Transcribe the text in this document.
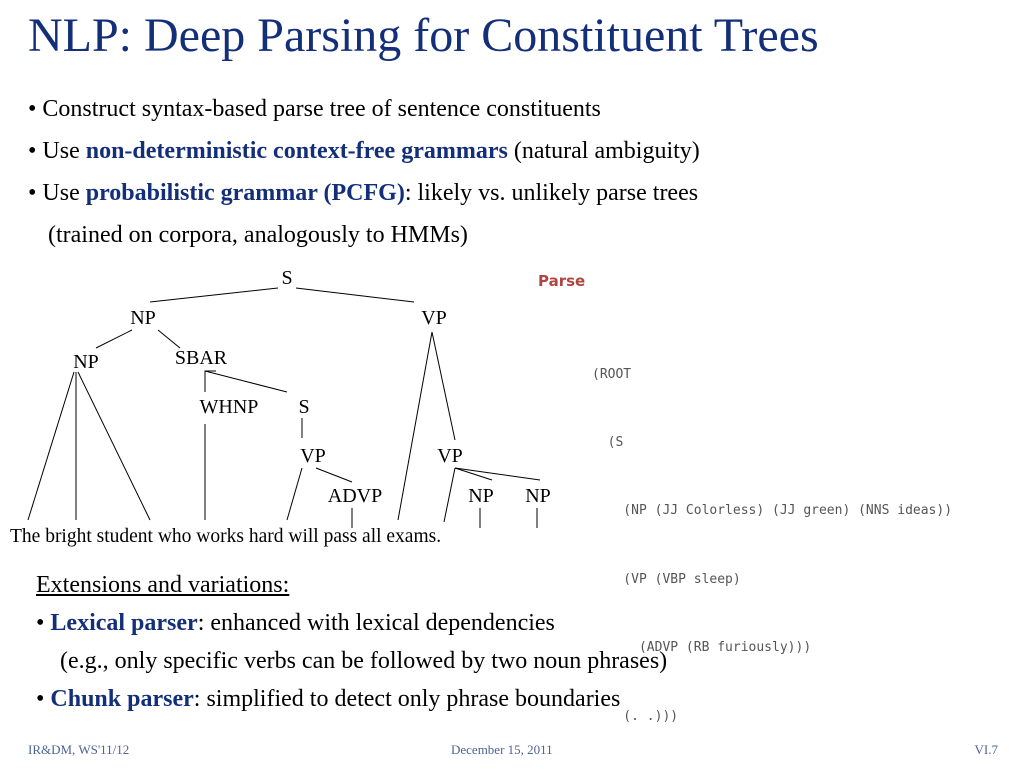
NLP: Deep Parsing for Constituent Trees
• Construct syntax-based parse tree of sentence constituents
• Use non-deterministic context-free grammars (natural ambiguity)
• Use probabilistic grammar (PCFG): likely vs. unlikely parse trees
(trained on corpora, analogously to HMMs)
S
NP	VP
NP	SBAR
WHNP S
VP	VP
ADVP	NP NP
The bright student who works hard will pass all exams.
Parse

(ROOT

(S

(NP (JJ Colorless) (JJ green) (NNS ideas))

(VP (VBP sleep)

(ADVP (RB furiously)))

(. .)))

Extensions and variations:
• Lexical parser: enhanced with lexical dependencies
(e.g., only specific verbs can be followed by two noun phrases)
• Chunk parser: simplified to detect only phrase boundaries
IR&DM, WS'11/12	December 15, 2011	VI.7
